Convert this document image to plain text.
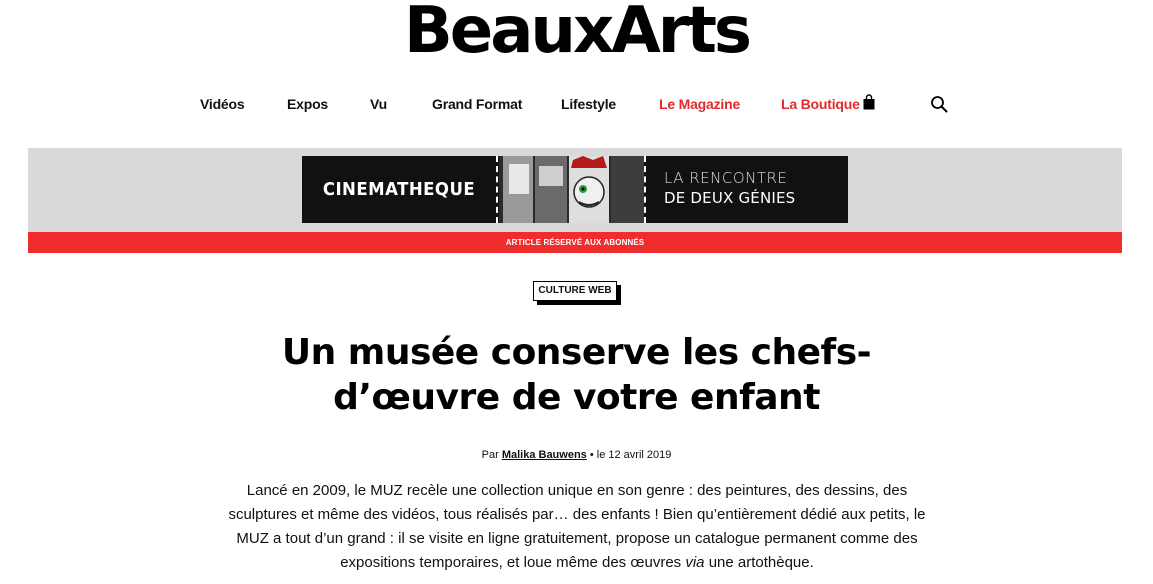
BeauxArts
Vidéos	Expos	Vu	Grand Format	Lifestyle	Le Magazine	La Boutique
CINEMATHEQUE
LA RENCONTRE
DE DEUX GÉNIES
ARTICLE RÉSERVÉ AUX ABONNÉS
CULTURE WEB
Un musée conserve les chefs-
d’œuvre de votre enfant
Par Malika Bauwens • le 12 avril 2019

Lancé en 2009, le MUZ recèle une collection unique en son genre : des peintures, des dessins, des sculptures et même des vidéos, tous réalisés par… des enfants ! Bien qu’entièrement dédié aux petits, le MUZ a tout d’un grand : il se visite en ligne gratuitement, propose un catalogue permanent comme des expositions temporaires, et loue même des œuvres via une artothèque.
